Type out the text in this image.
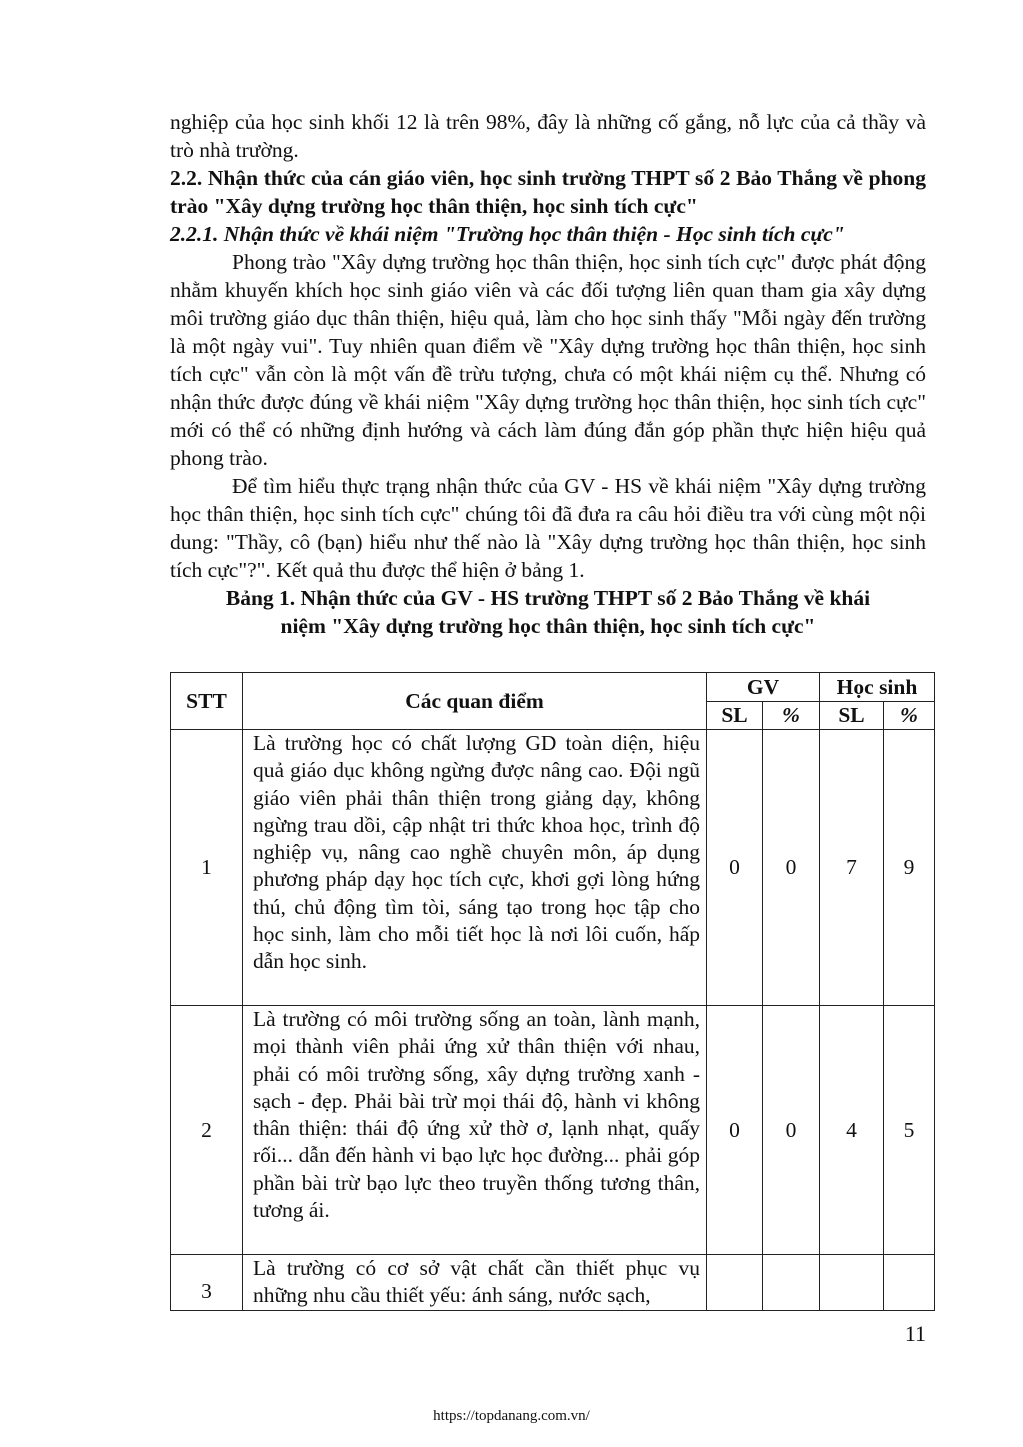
nghiệp của học sinh khối 12 là trên 98%, đây là những cố gắng, nỗ lực của cả thầy và trò nhà trường.

2.2. Nhận thức của cán giáo viên, học sinh trường THPT số 2 Bảo Thắng về phong trào "Xây dựng trường học thân thiện, học sinh tích cực"

2.2.1. Nhận thức về khái niệm "Trường học thân thiện - Học sinh tích cực"

Phong trào "Xây dựng trường học thân thiện, học sinh tích cực" được phát động nhằm khuyến khích học sinh giáo viên và các đối tượng liên quan tham gia xây dựng môi trường giáo dục thân thiện, hiệu quả, làm cho học sinh thấy "Mỗi ngày đến trường là một ngày vui". Tuy nhiên quan điểm về "Xây dựng trường học thân thiện, học sinh tích cực" vẫn còn là một vấn đề trừu tượng, chưa có một khái niệm cụ thể. Nhưng có nhận thức được đúng về khái niệm "Xây dựng trường học thân thiện, học sinh tích cực" mới có thể có những định hướng và cách làm đúng đắn góp phần thực hiện hiệu quả phong trào.

Để tìm hiểu thực trạng nhận thức của GV - HS về khái niệm "Xây dựng trường học thân thiện, học sinh tích cực" chúng tôi đã đưa ra câu hỏi điều tra với cùng một nội dung: "Thầy, cô (bạn) hiểu như thế nào là "Xây dựng trường học thân thiện, học sinh tích cực"?". Kết quả thu được thể hiện ở bảng 1.

Bảng 1. Nhận thức của GV - HS trường THPT số 2 Bảo Thắng về khái

niệm "Xây dựng trường học thân thiện, học sinh tích cực"

STT	Các quan điểm	GV		Học sinh	
		SL	%	SL	%
1	Là trường học có chất lượng GD toàn diện, hiệu quả giáo dục không ngừng được nâng cao. Đội ngũ giáo viên phải thân thiện trong giảng dạy, không ngừng trau dồi, cập nhật tri thức khoa học, trình độ nghiệp vụ, nâng cao nghề chuyên môn, áp dụng phương pháp dạy học tích cực, khơi gợi lòng hứng thú, chủ động tìm tòi, sáng tạo trong học tập cho học sinh, làm cho mỗi tiết học là nơi lôi cuốn, hấp dẫn học sinh.	0	0	7	9
2	Là trường có môi trường sống an toàn, lành mạnh, mọi thành viên phải ứng xử thân thiện với nhau, phải có môi trường sống, xây dựng trường xanh - sạch - đẹp. Phải bài trừ mọi thái độ, hành vi không thân thiện: thái độ ứng xử thờ ơ, lạnh nhạt, quấy rối... dẫn đến hành vi bạo lực học đường... phải góp phần bài trừ bạo lực theo truyền thống tương thân, tương ái.	0	0	4	5
3	Là trường có cơ sở vật chất cần thiết phục vụ những nhu cầu thiết yếu: ánh sáng, nước sạch,				
11
https://topdanang.com.vn/
